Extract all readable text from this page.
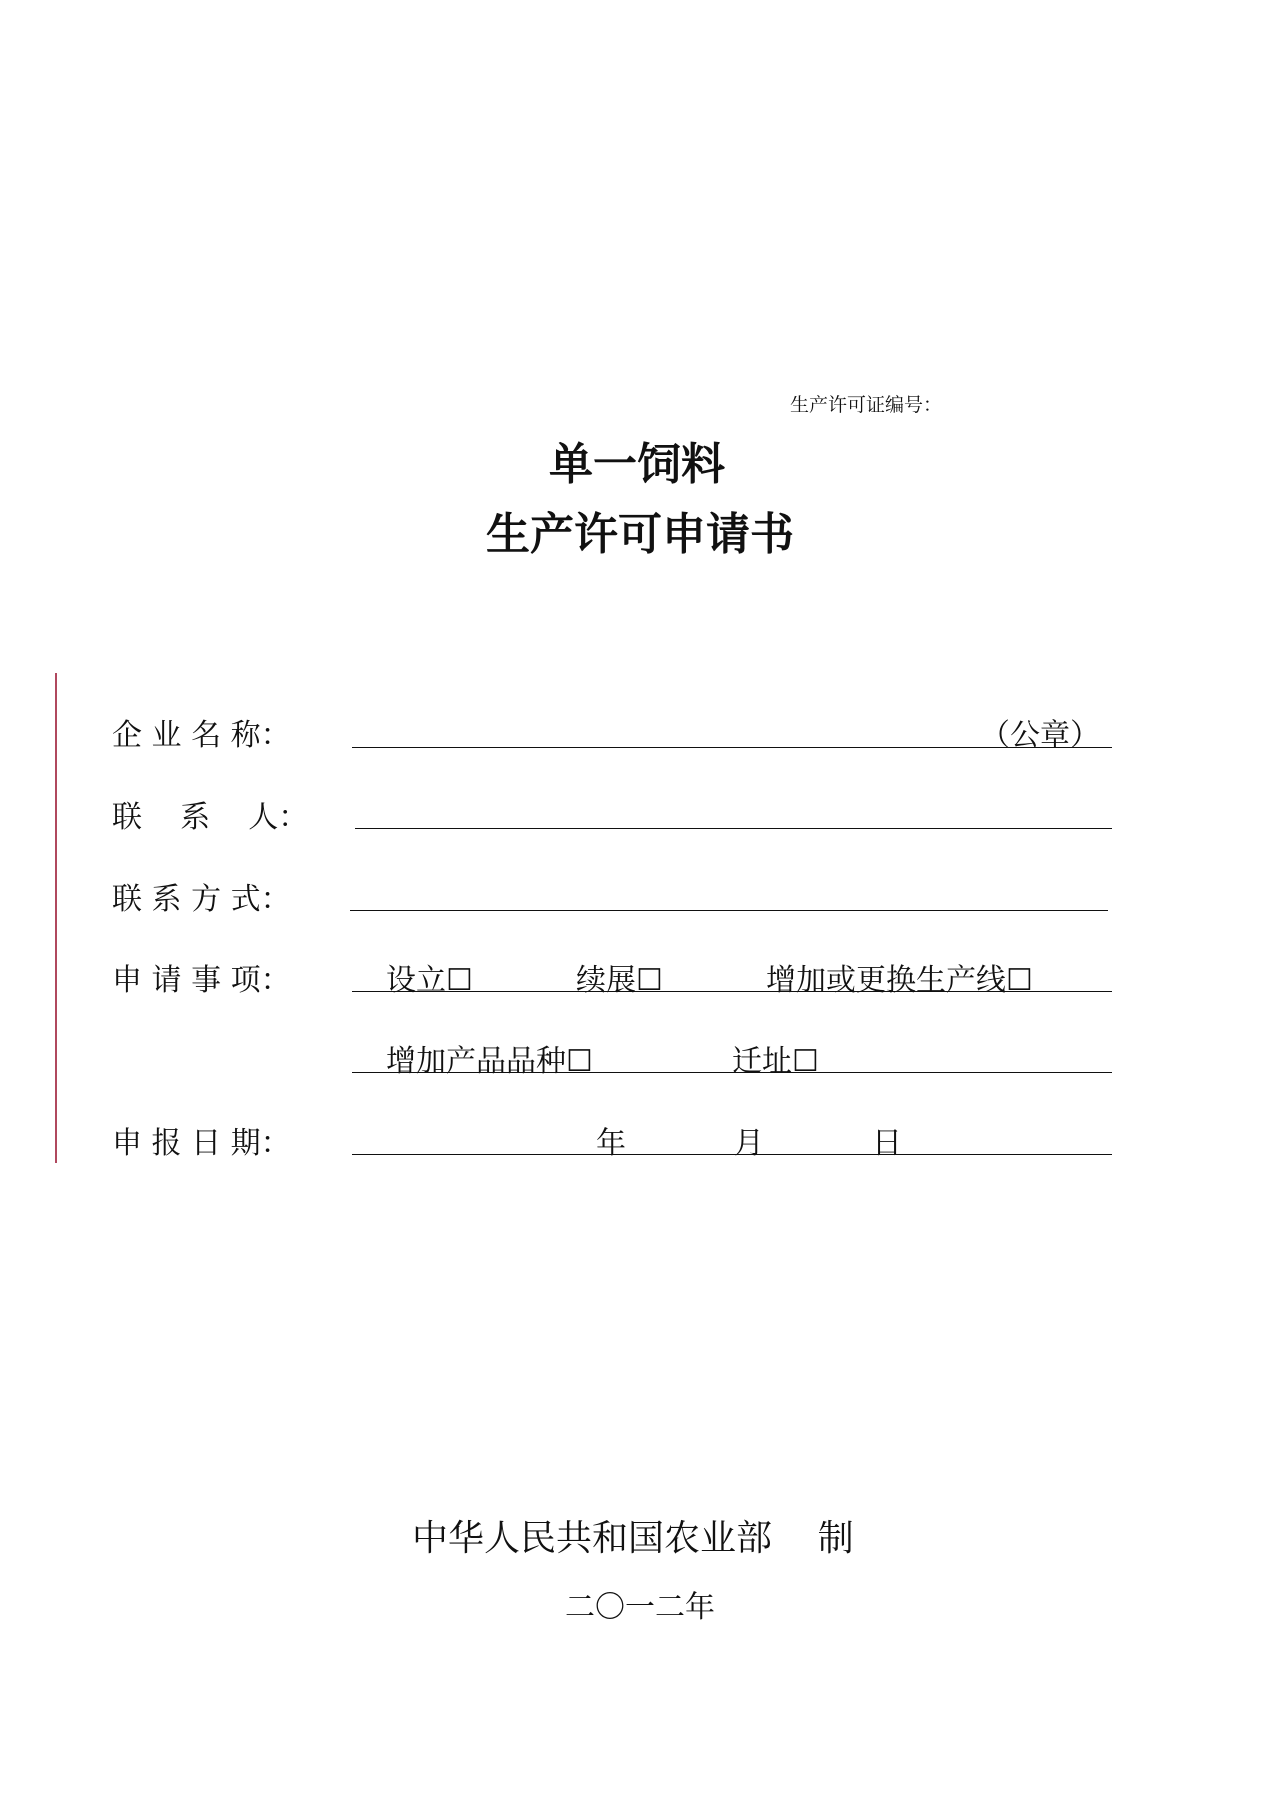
生产许可证编号：
单一饲料
生产许可申请书
企 业 名 称：	（公章）
联    系    人：
联 系 方 式：
申 请 事 项：	设立☐	续展☐	增加或更换生产线☐
增加产品品种☐	迁址☐
申 报 日 期：	年	月	日
中华人民共和国农业部    制
二〇一二年
